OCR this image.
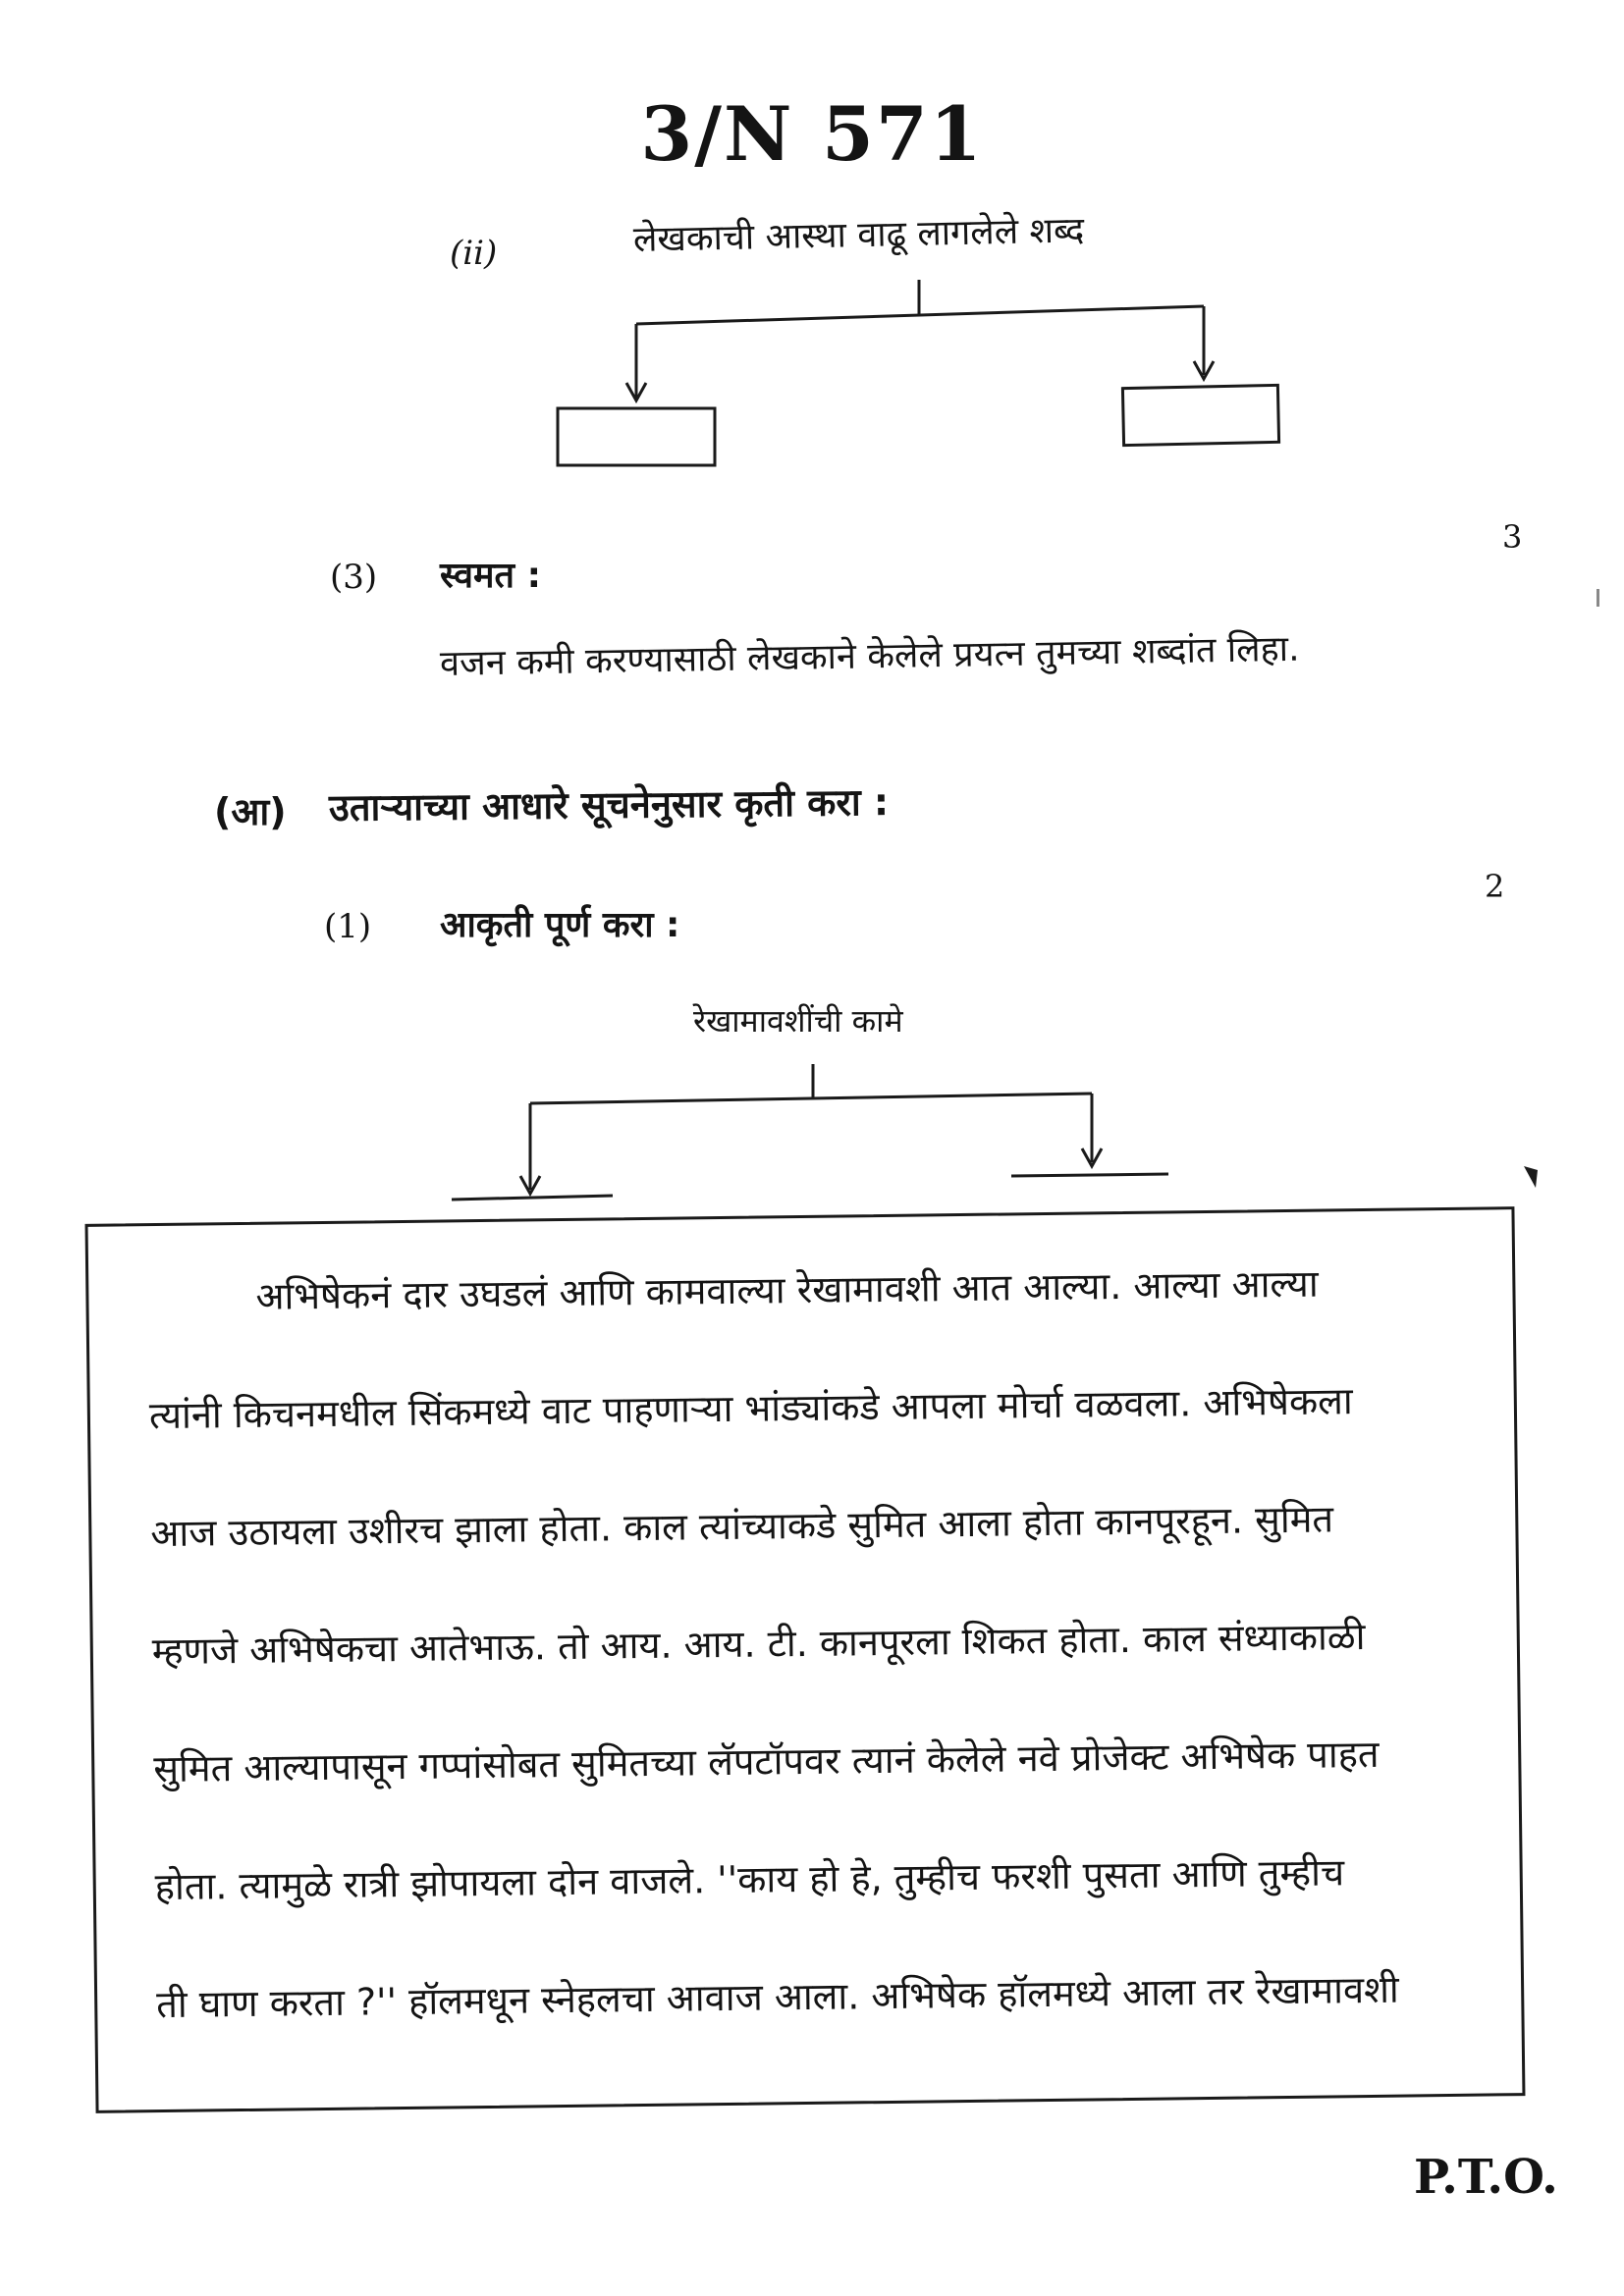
3/N 571
(ii)	लेखकाची आस्था वाढू लागलेले शब्द
3
(3) स्वमत :
वजन कमी करण्यासाठी लेखकाने केलेले प्रयत्न तुमच्या शब्दांत लिहा.
(आ) उताऱ्याच्या आधारे सूचनेनुसार कृती करा :
2
(1) आकृती पूर्ण करा :
रेखामावशींची कामे
अभिषेकनं दार उघडलं आणि कामवाल्या रेखामावशी आत आल्या. आल्या आल्या
त्यांनी किचनमधील सिंकमध्ये वाट पाहणाऱ्या भांड्यांकडे आपला मोर्चा वळवला. अभिषेकला
आज उठायला उशीरच झाला होता. काल त्यांच्याकडे सुमित आला होता कानपूरहून. सुमित
म्हणजे अभिषेकचा आतेभाऊ. तो आय. आय. टी. कानपूरला शिकत होता. काल संध्याकाळी
सुमित आल्यापासून गप्पांसोबत सुमितच्या लॅपटॉपवर त्यानं केलेले नवे प्रोजेक्ट अभिषेक पाहत
होता. त्यामुळे रात्री झोपायला दोन वाजले. ''काय हो हे, तुम्हीच फरशी पुसता आणि तुम्हीच
ती घाण करता ?'' हॉलमधून स्नेहलचा आवाज आला. अभिषेक हॉलमध्ये आला तर रेखामावशी
P.T.O.
